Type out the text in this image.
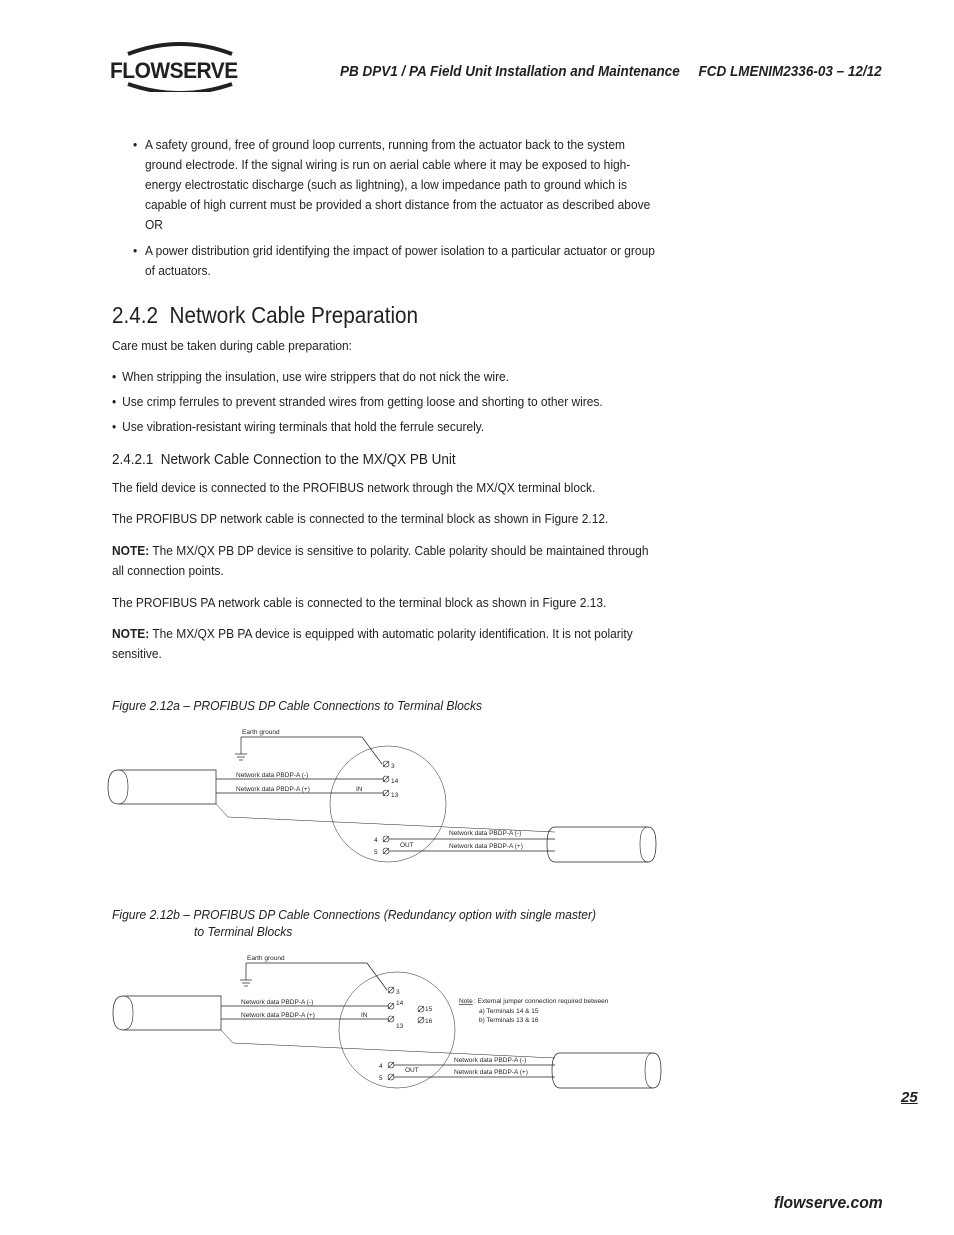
FLOWSERVE	PB DPV1 / PA Field Unit Installation and Maintenance     FCD LMENIM2336-03 – 12/12
• A safety ground, free of ground loop currents, running from the actuator back to the system ground electrode. If the signal wiring is run on aerial cable where it may be exposed to high-energy electrostatic discharge (such as lightning), a low impedance path to ground which is capable of high current must be provided a short distance from the actuator as described above OR
• A power distribution grid identifying the impact of power isolation to a particular actuator or group of actuators.
2.4.2  Network Cable Preparation
Care must be taken during cable preparation:
• When stripping the insulation, use wire strippers that do not nick the wire.
• Use crimp ferrules to prevent stranded wires from getting loose and shorting to other wires.
• Use vibration-resistant wiring terminals that hold the ferrule securely.
2.4.2.1  Network Cable Connection to the MX/QX PB Unit
The field device is connected to the PROFIBUS network through the MX/QX terminal block.
The PROFIBUS DP network cable is connected to the terminal block as shown in Figure 2.12.
NOTE: The MX/QX PB DP device is sensitive to polarity. Cable polarity should be maintained through all connection points.
The PROFIBUS PA network cable is connected to the terminal block as shown in Figure 2.13.
NOTE: The MX/QX PB PA device is equipped with automatic polarity identification. It is not polarity sensitive.
Figure 2.12a – PROFIBUS DP Cable Connections to Terminal Blocks
Earth ground
Network data PBDP-A (-)
Network data PBDP-A (+)	IN
3
14
13
4
5
OUT
Network data PBDP-A (-)
Network data PBDP-A (+)
Figure 2.12b – PROFIBUS DP Cable Connections (Redundancy option with single master)
to Terminal Blocks
Earth ground
Network data PBDP-A (-)
Network data PBDP-A (+)	IN
3
14
13
15
16
4
5
OUT
Network data PBDP-A (-)
Network data PBDP-A (+)
Note : External jumper connection required between
a) Terminals 14 & 15
b) Terminals 13 & 16
25
flowserve.com
